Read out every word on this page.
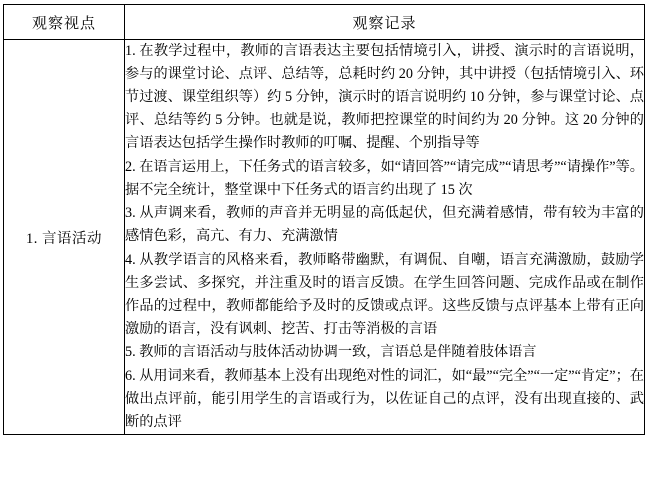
观察视点	观察记录

1. 言语活动

1. 在教学过程中，教师的言语表达主要包括情境引入，讲授、演示时的言语说明，参与的课堂讨论、点评、总结等，总耗时约 20 分钟，其中讲授（包括情境引入、环节过渡、课堂组织等）约 5 分钟，演示时的语言说明约 10 分钟，参与课堂讨论、点评、总结等约 5 分钟。也就是说，教师把控课堂的时间约为 20 分钟。这 20 分钟的言语表达包括学生操作时教师的叮嘱、提醒、个别指导等
2. 在语言运用上，下任务式的语言较多，如“请回答”“请完成”“请思考”“请操作”等。据不完全统计，整堂课中下任务式的语言约出现了 15 次
3. 从声调来看，教师的声音并无明显的高低起伏，但充满着感情，带有较为丰富的感情色彩，高亢、有力、充满激情
4. 从教学语言的风格来看，教师略带幽默，有调侃、自嘲，语言充满激励，鼓励学生多尝试、多探究，并注重及时的语言反馈。在学生回答问题、完成作品或在制作作品的过程中，教师都能给予及时的反馈或点评。这些反馈与点评基本上带有正向激励的语言，没有讽刺、挖苦、打击等消极的言语
5. 教师的言语活动与肢体活动协调一致，言语总是伴随着肢体语言
6. 从用词来看，教师基本上没有出现绝对性的词汇，如“最”“完全”“一定”“肯定”；在做出点评前，能引用学生的言语或行为，以佐证自己的点评，没有出现直接的、武断的点评
